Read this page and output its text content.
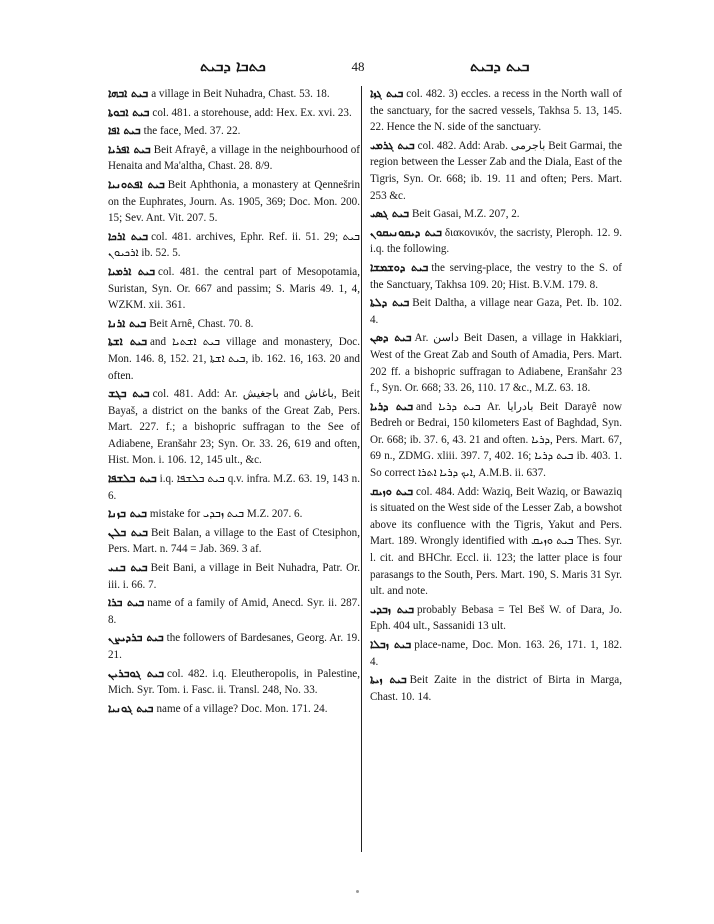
ܟܬܒܐ ܕܒܝܬ	48	ܒܝܬ ܕܒܝܬ

ܒܝܬ ܐܒܗܐ a village in Beit Nuhadra, Chast. 53. 18.

ܒܝܬ ܐܒܘܬܐ col. 481. a storehouse, add: Hex. Ex. xvi. 23.

ܒܝܬ ܐܦܐ the face, Med. 37. 22.

ܒܝܬ ܐܦܪܝܐ Beit Afrayê, a village in the neighbourhood of Henaita and Ma'altha, Chast. 28. 8/9.

ܒܝܬ ܐܦܬܘܢܝܐ Beit Aphthonia, a monastery at Qennešrin on the Euphrates, Journ. As. 1905, 369; Doc. Mon. 200. 15; Sev. Ant. Vit. 207. 5.

ܒܝܬ ܐܪܟܐ col. 481. archives, Ephr. Ref. ii. 51. 29; ܒܝܬ ܐܪܟܝܘܢ ib. 52. 5.

ܒܝܬ ܐܪܡܝܐ col. 481. the central part of Mesopotamia, Suristan, Syn. Or. 667 and passim; S. Maris 49. 1, 4, WZKM. xii. 361.

ܒܝܬ ܐܪܢܐ Beit Arnê, Chast. 70. 8.

ܒܝܬ ܐܫܬܐ and ܒܝܬ ܐܫܬܝܐ village and monastery, Doc. Mon. 146. 8, 152. 21, ܒܝܬ ܐܫܬܐ, ib. 162. 16, 163. 20 and often.

ܒܝܬ ܒܓܫ col. 481. Add: Ar. باجغيش and باغاش, Beit Bayaš, a district on the banks of the Great Zab, Pers. Mart. 227. f.; a bishopric suffragan to the See of Adiabene, Eranšahr 23; Syn. Or. 33. 26, 619 and often, Hist. Mon. i. 106. 12, 145 ult., &c.

ܒܝܬ ܒܠܫܦܐ i.q. ܒܝܬ ܒܠܫܦܐ q.v. infra. M.Z. 63. 19, 143 n. 6.

ܒܝܬ ܒܙܢܐ mistake for ܒܝܬ ܙܒܕܝ M.Z. 207. 6.

ܒܝܬ ܒܠܢ Beit Balan, a village to the East of Ctesiphon, Pers. Mart. n. 744 = Jab. 369. 3 af.

ܒܝܬ ܒܢܝ Beit Bani, a village in Beit Nuhadra, Patr. Or. iii. i. 66. 7.

ܒܝܬ ܒܪܐ name of a family of Amid, Anecd. Syr. ii. 287. 8.

ܒܝܬ ܒܪܕܝܨܢ the followers of Bardesanes, Georg. Ar. 19. 21.

ܒܝܬ ܓܘܒܪܝܢ col. 482. i.q. Eleutheropolis, in Palestine, Mich. Syr. Tom. i. Fasc. ii. Transl. 248, No. 33.

ܒܝܬ ܓܘܢܝܐ name of a village? Doc. Mon. 171. 24.

ܒܝܬ ܓܙܐ col. 482. 3) eccles. a recess in the North wall of the sanctuary, for the sacred vessels, Takhsa 5. 13, 145. 22. Hence the N. side of the sanctuary.

ܒܝܬ ܓܪܡܝ col. 482. Add: Arab. باجرمى Beit Garmai, the region between the Lesser Zab and the Diala, East of the Tigris, Syn. Or. 668; ib. 19. 11 and often; Pers. Mart. 253 &c.

ܒܝܬ ܓܣܝ Beit Gasai, M.Z. 207, 2.

ܒܝܬ ܕܝܩܘܢܝܩܘܢ διακονικόν, the sacristy, Pleroph. 12. 9. i.q. the following.

ܒܝܬ ܕܘܫܡܫܐ the serving-place, the vestry to the S. of the Sanctuary, Takhsa 109. 20; Hist. B.V.M. 179. 8.

ܒܝܬ ܕܠܬܐ Beit Daltha, a village near Gaza, Pet. Ib. 102. 4.

ܒܝܬ ܕܣܢ Ar. داسن Beit Dasen, a village in Hakkiari, West of the Great Zab and South of Amadia, Pers. Mart. 202 ff. a bishopric suffragan to Adiabene, Eranšahr 23 f., Syn. Or. 668; 33. 26, 110. 17 &c., M.Z. 63. 18.

ܒܝܬ ܕܪܝܐ and ܒܝܬ ܕܪܝܐ Ar. بادرايا Beit Darayê now Bedreh or Bedrai, 150 kilometers East of Baghdad, Syn. Or. 668; ib. 37. 6, 43. 21 and often. ܕܪܝܐ, Pers. Mart. 67, 69 n., ZDMG. xliii. 397. 7, 402. 16; ܒܝܬ ܕܪܝܐ ib. 403. 1. So correct ܐܝܟ ܕܪܝܐ ܐܬܪܐ, A.M.B. ii. 637.

ܒܝܬ ܘܙܝܩ col. 484. Add: Waziq, Beit Waziq, or Bawaziq is situated on the West side of the Lesser Zab, a bowshot above its confluence with the Tigris, Yakut and Pers. Mart. 189. Wrongly identified with ܒܝܬ ܘܙܝܩ Thes. Syr. l. cit. and BHChr. Eccl. ii. 123; the latter place is four parasangs to the South, Pers. Mart. 190, S. Maris 31 Syr. ult. and note.

ܒܝܬ ܙܒܕܝ probably Bebasa = Tel Beš W. of Dara, Jo. Eph. 404 ult., Sassanidi 13 ult.

ܒܝܬ ܙܒܠܐ place-name, Doc. Mon. 163. 26, 171. 1, 182. 4.

ܒܝܬ ܙܝܬܐ Beit Zaite in the district of Birta in Marga, Chast. 10. 14.
